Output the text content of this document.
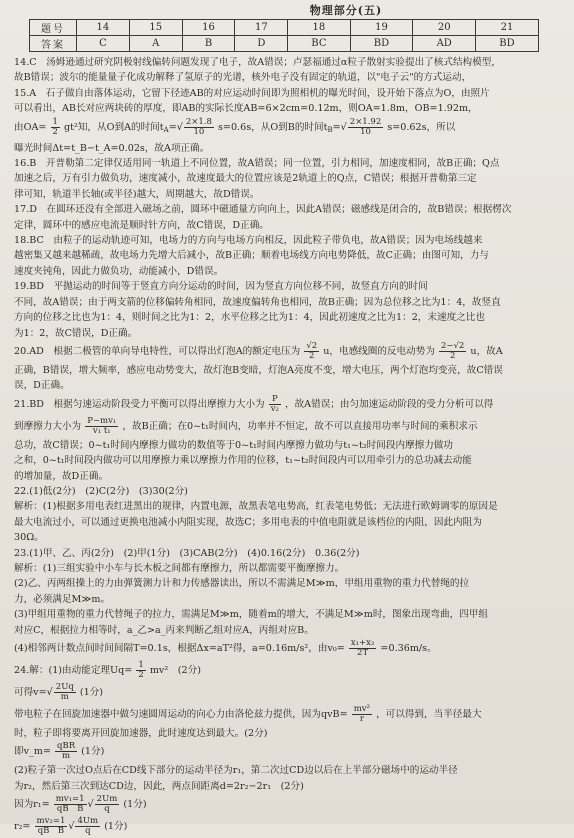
物理部分(五)
题号	14	15	16	17	18	19	20	21
答案	C	A	B	D	BC	BD	AD	BD

14.C　汤姆逊通过研究阴极射线偏转问题发现了电子，故A错误；卢瑟福通过α粒子散射实验提出了核式结构模型，

故B错误；波尔的能量量子化成功解释了氢原子的光谱，核外电子没有固定的轨道，以"电子云"的方式运动，

15.A　石子做自由落体运动，它留下径迹AB的对应运动时间即为照相机的曝光时间，设开始下落点为O，由照片

可以看出，AB长对应两块砖的厚度，即AB的实际长度AB=6×2cm=0.12m，则OA=1.8m，OB=1.92m，

由$OA= \frac{1}{2} gt^2$知，从O到A的时间$t_A=√ \frac{2\times 1.8}{10} s=0.6s$，从O到B的时间$t_B=√ \frac{2\times 1.92}{10} s=0.62s$，所以

曝光时间Δt=t_B−t_A=0.02s，故A项正确。

16.B　开普勒第二定律仅适用同一轨道上不同位置，故A错误；同一位置，引力相同，加速度相同，故B正确；Q点

加速之后，万有引力做负功，速度减小，故速度最大的位置应该是2轨道上的Q点，C错误；根据开普勒第三定

律可知，轨道半长轴(或半径)越大，周期越大，故D错误。

17.D　在圆环还没有全部进入磁场之前，圆环中磁通量方向向上，因此A错误；磁感线是闭合的，故B错误；根据楞次

定律，圆环中的感应电流是顺时针方向，故C错误，D正确。

18.BC　由粒子的运动轨迹可知，电场力的方向与电场方向相反，因此粒子带负电，故A错误；因为电场线越来

越密集又越来越稀疏，故电场力先增大后减小，故B正确；顺着电场线方向电势降低，故C正确；由图可知，力与

速度夹钝角，因此力做负功，动能减小，D错误。

19.BD　平抛运动的时间等于竖直方向分运动的时间，因为竖直方向位移不同，故竖直方向的时间

不同，故A错误；由于两支箭的位移偏转角相同，故速度偏转角也相同，故B正确；因为总位移之比为1：4，故竖直

方向的位移之比也为1：4，则时间之比为1：2，水平位移之比为1：4，因此初速度之比为1：2，末速度之比也

为1：2，故C错误，D正确。

20.AD　根据二极管的单向导电特性，可以得出灯泡A的额定电压为 $\frac{√2}{2}$ u，电感线圈的反电动势为 $\frac{2-√2}{2}$ u，故A

正确，B错误，增大频率，感应电动势变大，故灯泡B变暗，灯泡A亮度不变，增大电压，两个灯泡均变亮，故C错误

误，D正确。

21.BD　根据匀速运动阶段受力平衡可以得出摩擦力大小为 $\frac{P}{\text{v₂}}$ ，故A错误；由匀加速运动阶段的受力分析可以得

到摩擦力大小为 $\frac{\text{P−mv₁}}{\text{v₁ t₁}}$ ，故B正确；在0~t₁时间内，功率并不恒定，故不可以直接用功率与时间的乘积求示

总功，故C错误；0~t₁时间内摩擦力做功的数值等于0~t₁时间内摩擦力做功与t₁~t₂时间段内摩擦力做功

之和，0~t₁时间段内做功可以用摩擦力乘以摩擦力作用的位移，t₁~t₂时间段内可以用牵引力的总功减去动能

的增加量，故D正确。

22.(1)低(2分)　(2)C(2分)　(3)30(2分)

解析：(1)根据多用电表红进黑出的规律，内置电源，故黑表笔电势高，红表笔电势低；无法进行欧姆调零的原因是

最大电流过小，可以通过更换电池减小内阻实现，故选C；多用电表的中值电阻就是该档位的内阻，因此内阻为

30Ω。

23.(1)甲、乙、丙(2分)　(2)甲(1分)　(3)CAB(2分)　(4)0.16(2分)　0.36(2分)

解析：(1)三组实验中小车与长木板之间都有摩擦力，所以都需要平衡摩擦力。

(2)乙、丙两组操上的力由弹簧测力计和力传感器读出，所以不需满足M≫m，甲组用重物的重力代替绳的拉

力，必须满足M≫m。

(3)甲组用重物的重力代替绳子的拉力，需满足M≫m，随着m的增大，不满足M≫m时，图象出现弯曲，四甲组

对应C，根据拉力相等时，a_乙>a_丙来判断乙组对应A，丙组对应B。

(4)相邻两计数点间时间间隔T=0.1s，根据Δx=aT²得，a=0.16m/s²，由$v_0= \frac{\text{x₁+x₂}}{2T} =0.36m/s$。

24.解：(1)由动能定理$Uq= \frac{1}{2} mv^2$　(2分)

可得$v=√ \frac{2Uq}{m} (1$分)

带电粒子在回旋加速器中做匀速圆周运动的向心力由洛伦兹力提供，因为$qvB= \frac{\text{mv²}}{r}$ ，可以得到，当半径最大

时，粒子即将要离开回旋加速器，此时速度达到最大。(2分)

即v_m= $\frac{\text{qBR}}{m} (1$分)

(2)粒子第一次过O点后在CD线下部分的运动半径为r₁，第二次过CD边以后在上半部分磁场中的运动半径

为r₂，然后第三次到达CD边，因此，两点间距离d=2r₂−2r₁　(2分)

因为$r_1= \frac{\text{mv₁=1}}{\text{qB　B}}$ √ $\frac{2Um}{q} (1$分)

$r_2= \frac{\text{mv₂=1}}{\text{qB　B}}$ √ $\frac{4Um}{q} (1$分)
